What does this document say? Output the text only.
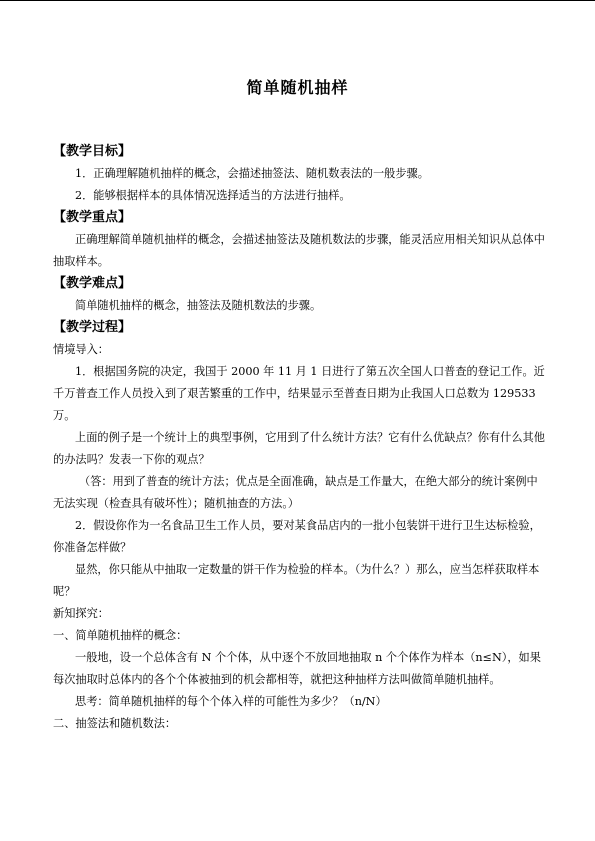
简单随机抽样
【教学目标】

1．正确理解随机抽样的概念，会描述抽签法、随机数表法的一般步骤。

2．能够根据样本的具体情况选择适当的方法进行抽样。

【教学重点】

正确理解简单随机抽样的概念，会描述抽签法及随机数法的步骤，能灵活应用相关知识从总体中抽取样本。

【教学难点】

简单随机抽样的概念，抽签法及随机数法的步骤。

【教学过程】

情境导入：

1．根据国务院的决定，我国于 2000 年 11 月 1 日进行了第五次全国人口普查的登记工作。近千万普查工作人员投入到了艰苦繁重的工作中，结果显示至普查日期为止我国人口总数为 129533 万。

上面的例子是一个统计上的典型事例，它用到了什么统计方法？它有什么优缺点？你有什么其他的办法吗？发表一下你的观点？

（答：用到了普查的统计方法；优点是全面准确，缺点是工作量大，在绝大部分的统计案例中无法实现（检查具有破坏性）；随机抽查的方法。）

2．假设你作为一名食品卫生工作人员，要对某食品店内的一批小包装饼干进行卫生达标检验，你准备怎样做？

显然，你只能从中抽取一定数量的饼干作为检验的样本。（为什么？）那么，应当怎样获取样本呢？

新知探究：

一、简单随机抽样的概念：

一般地，设一个总体含有 N 个个体，从中逐个不放回地抽取 n 个个体作为样本（n≤N），如果每次抽取时总体内的各个个体被抽到的机会都相等，就把这种抽样方法叫做简单随机抽样。

思考：简单随机抽样的每个个体入样的可能性为多少？（n/N）

二、抽签法和随机数法：
